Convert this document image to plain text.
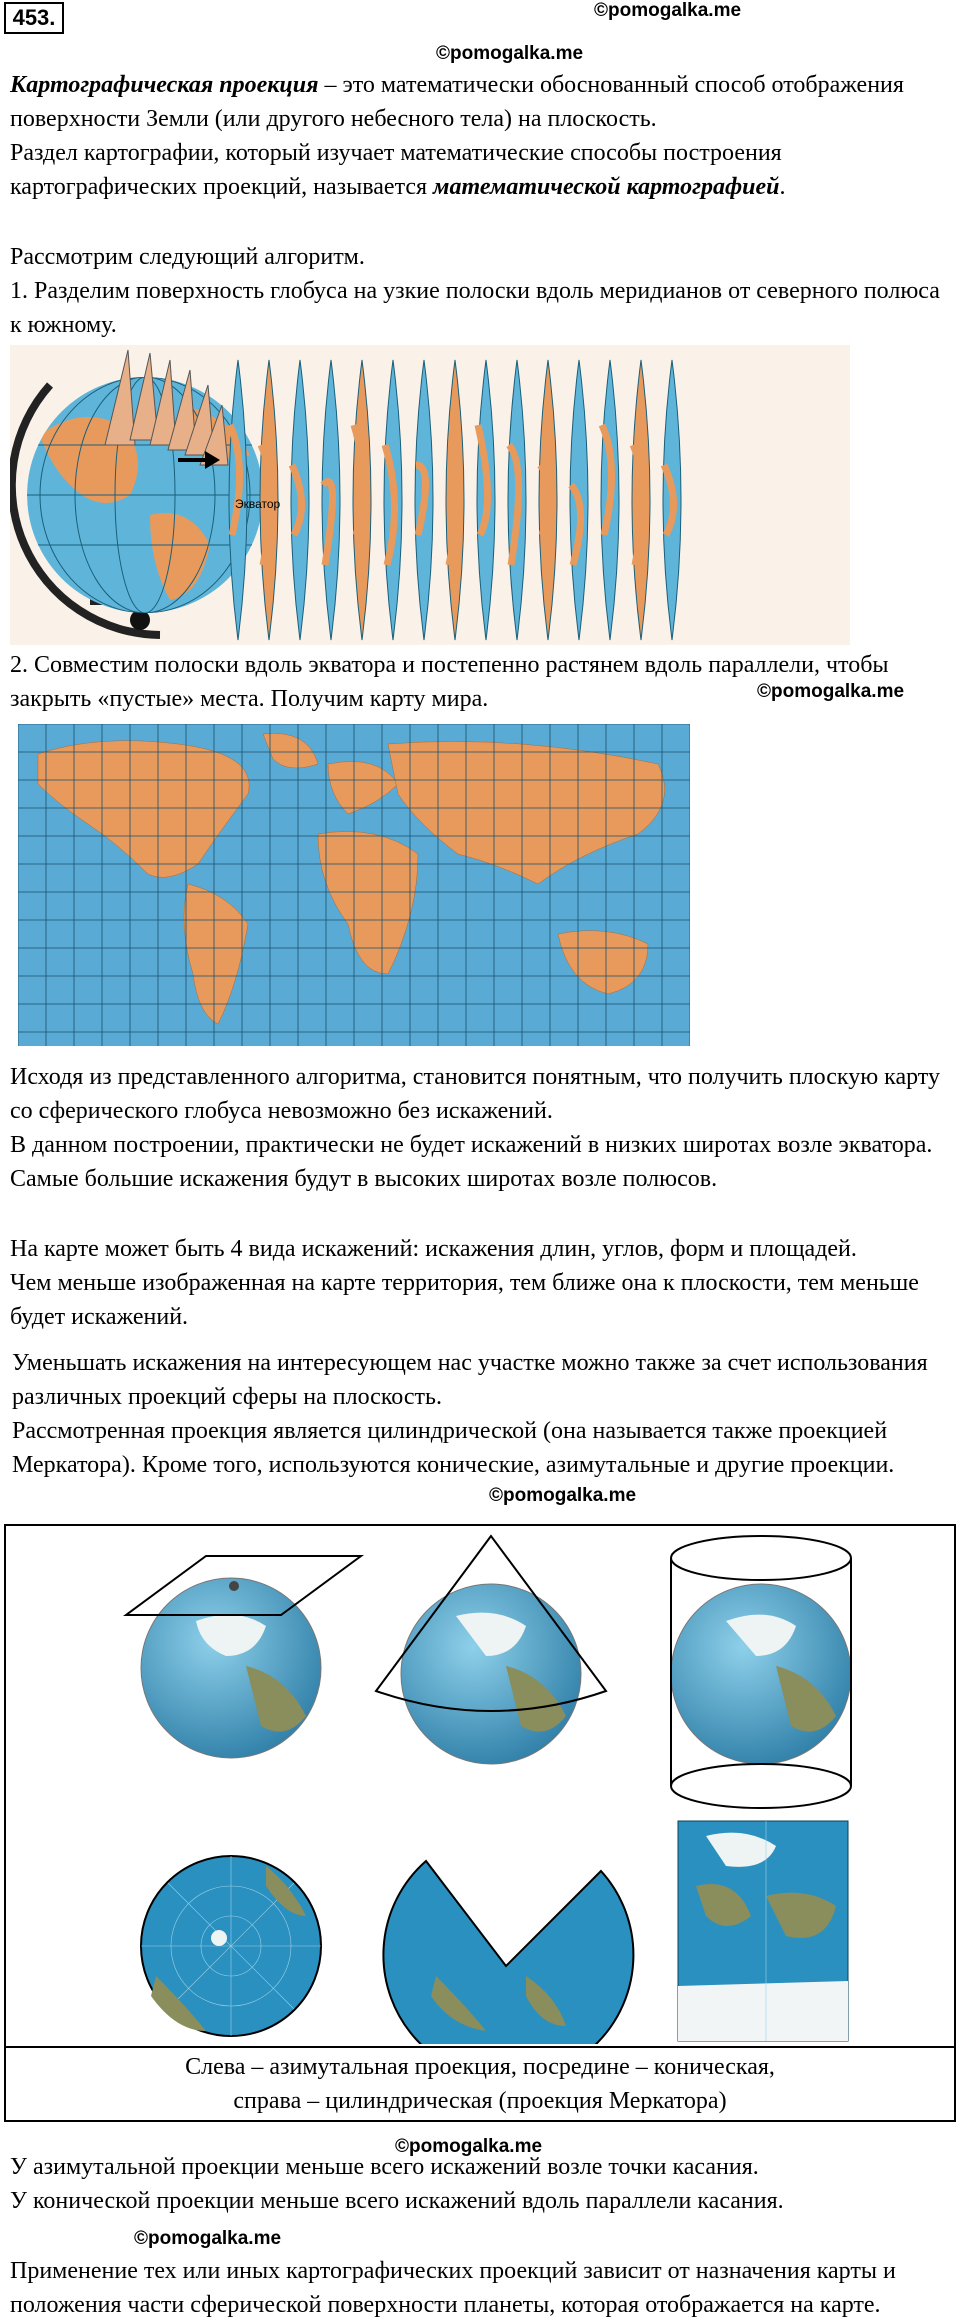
453.	©pomogalka.me
©pomogalka.me

Картографическая проекция – это математически обоснованный способ отображения поверхности Земли (или другого небесного тела) на плоскость.

Раздел картографии, который изучает математические способы построения картографических проекций, называется математической картографией.

Рассмотрим следующий алгоритм.

1. Разделим поверхность глобуса на узкие полоски вдоль меридианов от северного полюса к южному.

Экватор

2. Совместим полоски вдоль экватора и постепенно растянем вдоль параллели, чтобы закрыть «пустые» места. Получим карту мира.	©pomogalka.me

Исходя из представленного алгоритма, становится понятным, что получить плоскую карту со сферического глобуса невозможно без искажений.

В данном построении, практически не будет искажений в низких широтах возле экватора. Самые большие искажения будут в высоких широтах возле полюсов.

На карте может быть 4 вида искажений: искажения длин, углов, форм и площадей.

Чем меньше изображенная на карте территория, тем ближе она к плоскости, тем меньше будет искажений.

Уменьшать искажения на интересующем нас участке можно также за счет использования различных проекций сферы на плоскость.

Рассмотренная проекция является цилиндрической (она называется также проекцией Меркатора). Кроме того, используются конические, азимутальные и другие проекции.

©pomogalka.me
Слева – азимутальная проекция, посредине – коническая,
справа – цилиндрическая (проекция Меркатора)

У азимутальной проекции меньше всего искажений возле точки касания.

©pomogalka.me

У конической проекции меньше всего искажений вдоль параллели касания.

©pomogalka.me

Применение тех или иных картографических проекций зависит от назначения карты и положения части сферической поверхности планеты, которая отображается на карте.
